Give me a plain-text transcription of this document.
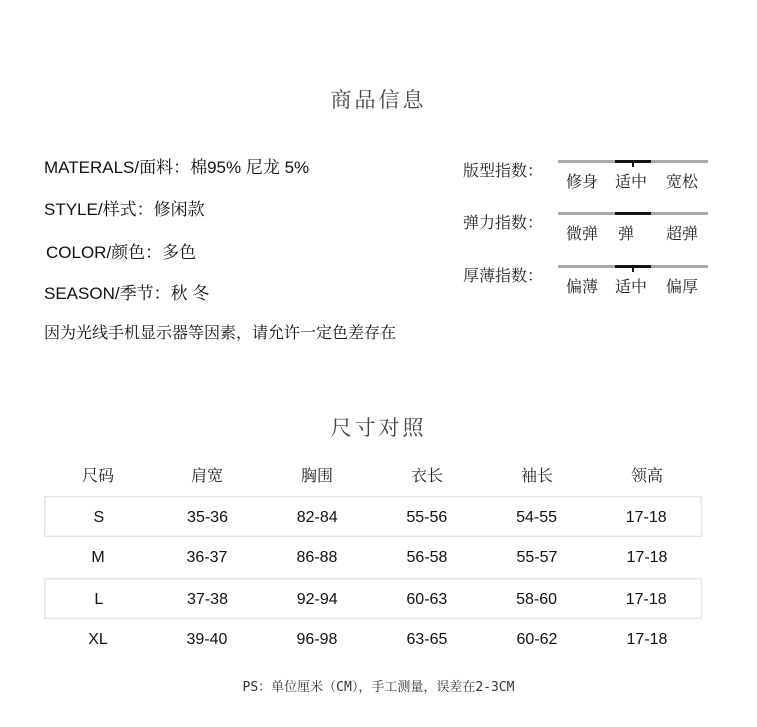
商品信息
MATERALS/面料：棉95% 尼龙 5%
STYLE/样式：修闲款
COLOR/颜色：多色
SEASON/季节：秋 冬
因为光线手机显示器等因素，请允许一定色差存在
版型指数：
修身 适中 宽松
弹力指数：
微弹 弹 超弹
厚薄指数：
偏薄 适中 偏厚
尺寸对照
尺码	肩宽	胸围	衣长	袖长	领高
S	35-36	82-84	55-56	54-55	17-18
M	36-37	86-88	56-58	55-57	17-18
L	37-38	92-94	60-63	58-60	17-18
XL	39-40	96-98	63-65	60-62	17-18
PS：单位厘米（CM），手工测量，误差在2-3CM
